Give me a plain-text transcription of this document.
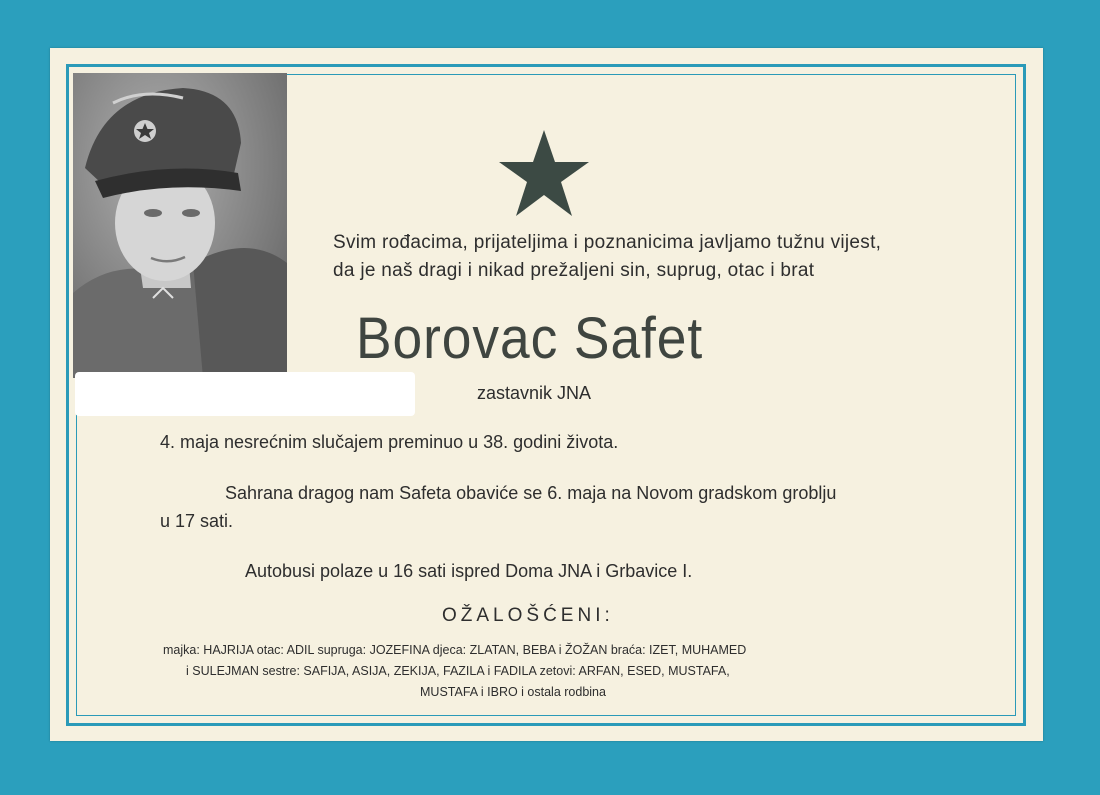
Svim rođacima, prijateljima i poznanicima javljamo tužnu vijest,
da je naš dragi i nikad prežaljeni sin, suprug, otac i brat
Borovac Safet
zastavnik JNA
4. maja nesrećnim slučajem preminuo u 38. godini života.
Sahrana dragog nam Safeta obaviće se 6. maja na Novom gradskom groblju
u 17 sati.
Autobusi polaze u 16 sati ispred Doma JNA i Grbavice I.
OŽALOŠĆENI:
majka: HAJRIJA otac: ADIL supruga: JOZEFINA djeca: ZLATAN, BEBA i ŽOŽAN braća: IZET, MUHAMED
i SULEJMAN sestre: SAFIJA, ASIJA, ZEKIJA, FAZILA i FADILA zetovi: ARFAN, ESED, MUSTAFA,
MUSTAFA i IBRO i ostala rodbina
